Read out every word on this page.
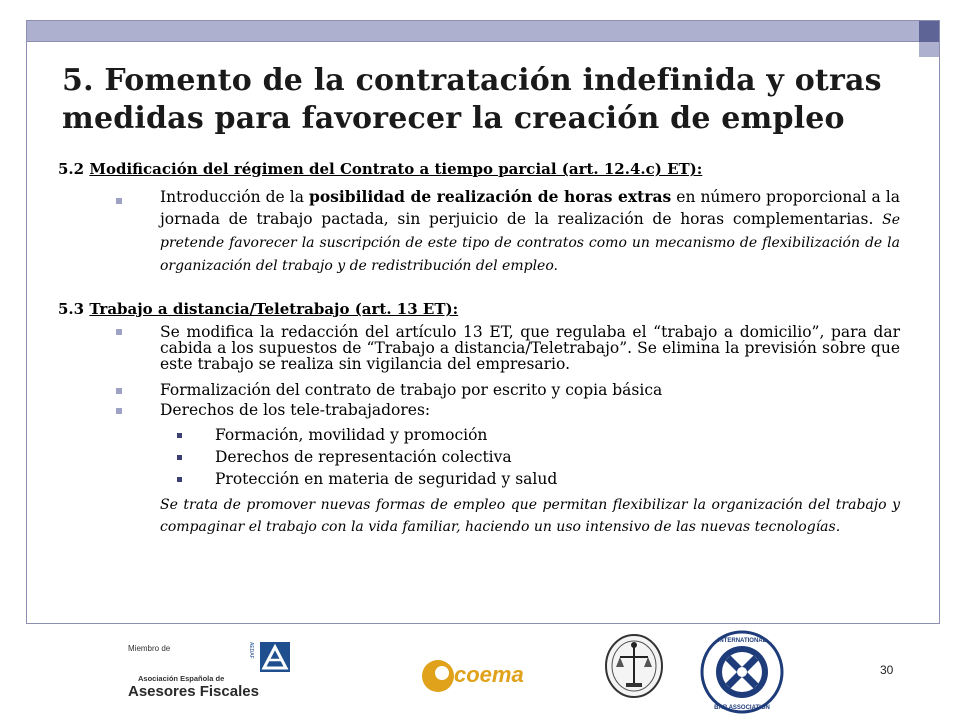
5. Fomento de la contratación indefinida y otras medidas para favorecer la creación de empleo
5.2 Modificación del régimen del Contrato a tiempo parcial (art. 12.4.c) ET):
Introducción de la posibilidad de realización de horas extras en número proporcional a la jornada de trabajo pactada, sin perjuicio de la realización de horas complementarias. Se pretende favorecer la suscripción de este tipo de contratos como un mecanismo de flexibilización de la organización del trabajo y de redistribución del empleo.
5.3 Trabajo a distancia/Teletrabajo (art. 13 ET):
Se modifica la redacción del artículo 13 ET, que regulaba el “trabajo a domicilio”, para dar cabida a los supuestos de “Trabajo a distancia/Teletrabajo”. Se elimina la previsión sobre que este trabajo se realiza sin vigilancia del empresario.
Formalización del contrato de trabajo por escrito y copia básica
Derechos de los tele-trabajadores:
Formación, movilidad y promoción
Derechos de representación colectiva
Protección en materia de seguridad y salud
Se trata de promover nuevas formas de empleo que permitan flexibilizar la organización del trabajo y compaginar el trabajo con la vida familiar, haciendo un uso intensivo de las nuevas tecnologías.
Miembro de	AEDAF
Asociación Española de
Asesores Fiscales
coema
INTERNATIONAL
BAR ASSOCIATION
30
